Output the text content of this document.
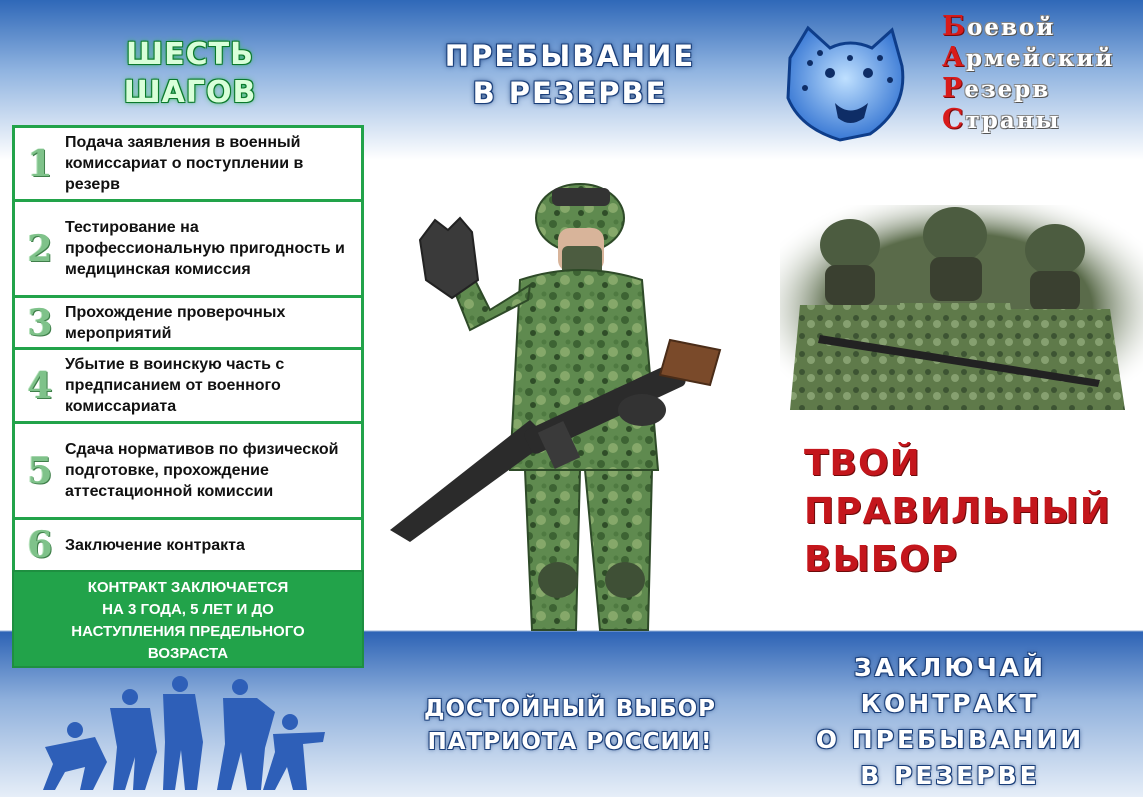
ШЕСТЬ
ШАГОВ
ПРЕБЫВАНИЕ
В РЕЗЕРВЕ
1 Подача заявления в военный комиссариат о поступлении в резерв
2 Тестирование на профессиональную пригодность и медицинская комиссия
3 Прохождение проверочных мероприятий
4 Убытие в воинскую часть с предписанием от военного комиссариата
5 Сдача нормативов по физической подготовке, прохождение аттестационной комиссии
6 Заключение контракта
КОНТРАКТ ЗАКЛЮЧАЕТСЯ
НА 3 ГОДА, 5 ЛЕТ И ДО
НАСТУПЛЕНИЯ ПРЕДЕЛЬНОГО
ВОЗРАСТА
Боевой
Армейский
Резерв
Страны
ТВОЙ
ПРАВИЛЬНЫЙ
ВЫБОР
ДОСТОЙНЫЙ ВЫБОР
ПАТРИОТА РОССИИ!
ЗАКЛЮЧАЙ
КОНТРАКТ
О ПРЕБЫВАНИИ
В РЕЗЕРВЕ
